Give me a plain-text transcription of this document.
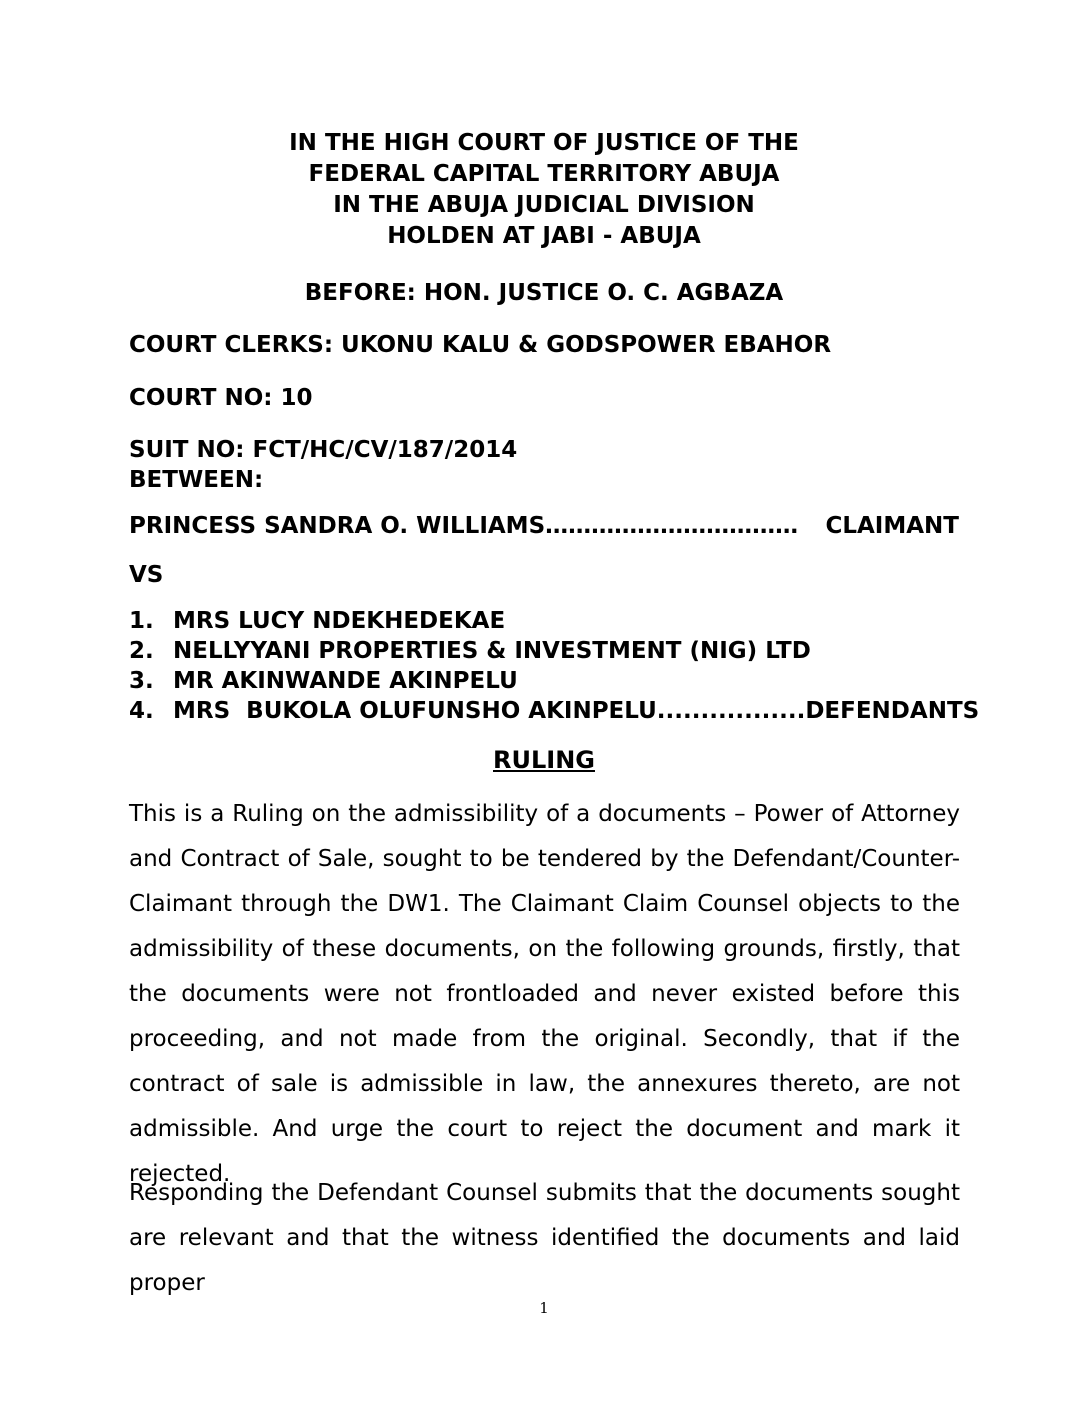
IN THE HIGH COURT OF JUSTICE OF THE
FEDERAL CAPITAL TERRITORY ABUJA
IN THE ABUJA JUDICIAL DIVISION
HOLDEN AT JABI - ABUJA
BEFORE: HON. JUSTICE O. C. AGBAZA
COURT CLERKS: UKONU KALU & GODSPOWER EBAHOR
COURT NO: 10
SUIT NO: FCT/HC/CV/187/2014
BETWEEN:
PRINCESS SANDRA O. WILLIAMS ……………………………	CLAIMANT
VS
1. MRS LUCY NDEKHEDEKAE
2. NELLYYANI PROPERTIES & INVESTMENT (NIG) LTD
3. MR AKINWANDE AKINPELU
4. MRS  BUKOLA OLUFUNSHO AKINPELU ................. DEFENDANTS
RULING

This is a Ruling on the admissibility of a documents – Power of Attorney and Contract of Sale, sought to be tendered by the Defendant/Counter-Claimant through the DW1. The Claimant Claim Counsel objects to the admissibility of these documents, on the following grounds, firstly, that the documents were not frontloaded and never existed before this proceeding, and not made from the original. Secondly, that if the contract of sale is admissible in law, the annexures thereto, are not admissible. And urge the court to reject the document and mark it rejected.

Responding the Defendant Counsel submits that the documents sought are relevant and that the witness identified the documents and laid proper

1
